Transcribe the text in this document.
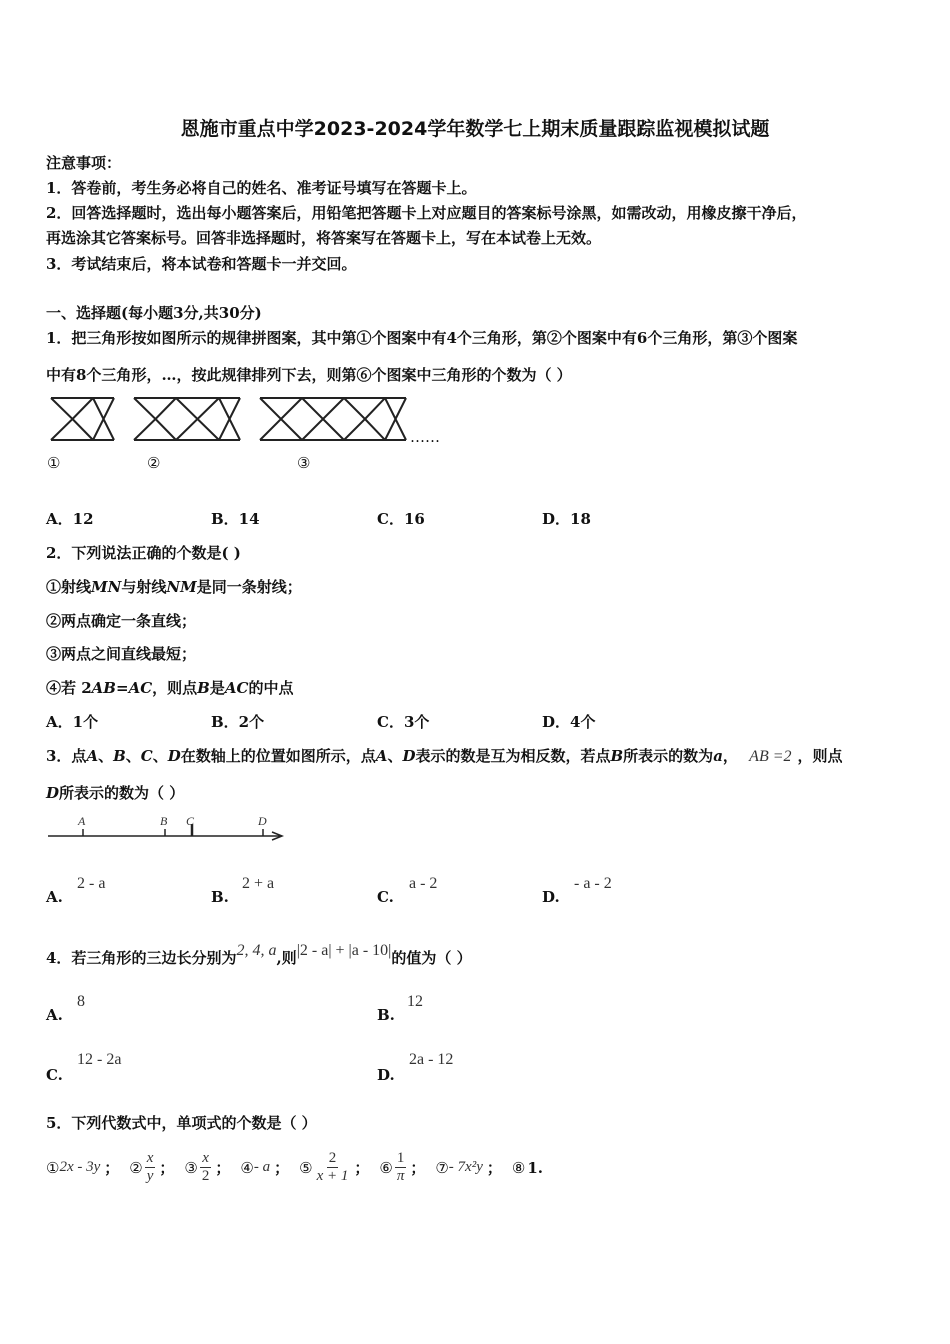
恩施市重点中学2023-2024学年数学七上期末质量跟踪监视模拟试题
注意事项：
1．答卷前，考生务必将自己的姓名、准考证号填写在答题卡上。
2．回答选择题时，选出每小题答案后，用铅笔把答题卡上对应题目的答案标号涂黑，如需改动，用橡皮擦干净后，
再选涂其它答案标号。回答非选择题时，将答案写在答题卡上，写在本试卷上无效。
3．考试结束后，将本试卷和答题卡一并交回。
一、选择题(每小题3分,共30分)
1．把三角形按如图所示的规律拼图案，其中第①个图案中有4个三角形，第②个图案中有6个三角形，第③个图案
中有8个三角形，…，按此规律排列下去，则第⑥个图案中三角形的个数为（ ）
……
①	②	③
A．12	B．14	C．16	D．18
2．下列说法正确的个数是( )
①射线MN与射线NM是同一条射线；
②两点确定一条直线；
③两点之间直线最短；
④若 2AB=AC，则点B是AC的中点
A．1个	B．2个	C．3个	D．4个
3．点A、B、C、D在数轴上的位置如图所示，点A、D表示的数是互为相反数，若点B所表示的数为a， AB =2 ，则点
D所表示的数为（ ）
A	B C	D
A.
2 - a
B.
2 + a
C.
a - 2
D.
- a - 2
4．若三角形的三边长分别为2, 4, a,则|2 - a| + |a - 10|的值为（ ）
A.
8
B.
12
C.
12 - 2a
D.
2a - 12
5．下列代数式中，单项式的个数是（ ）
① 2x - 3y ； ② $\frac{x}{y}$ ； ③ $\frac{x}{2}$ ； ④ - a ； ⑤ $\frac{2}{x + 1}$ ； ⑥ $\frac{1}{\pi}$ ； ⑦ - 7x²y ； ⑧ 1.
